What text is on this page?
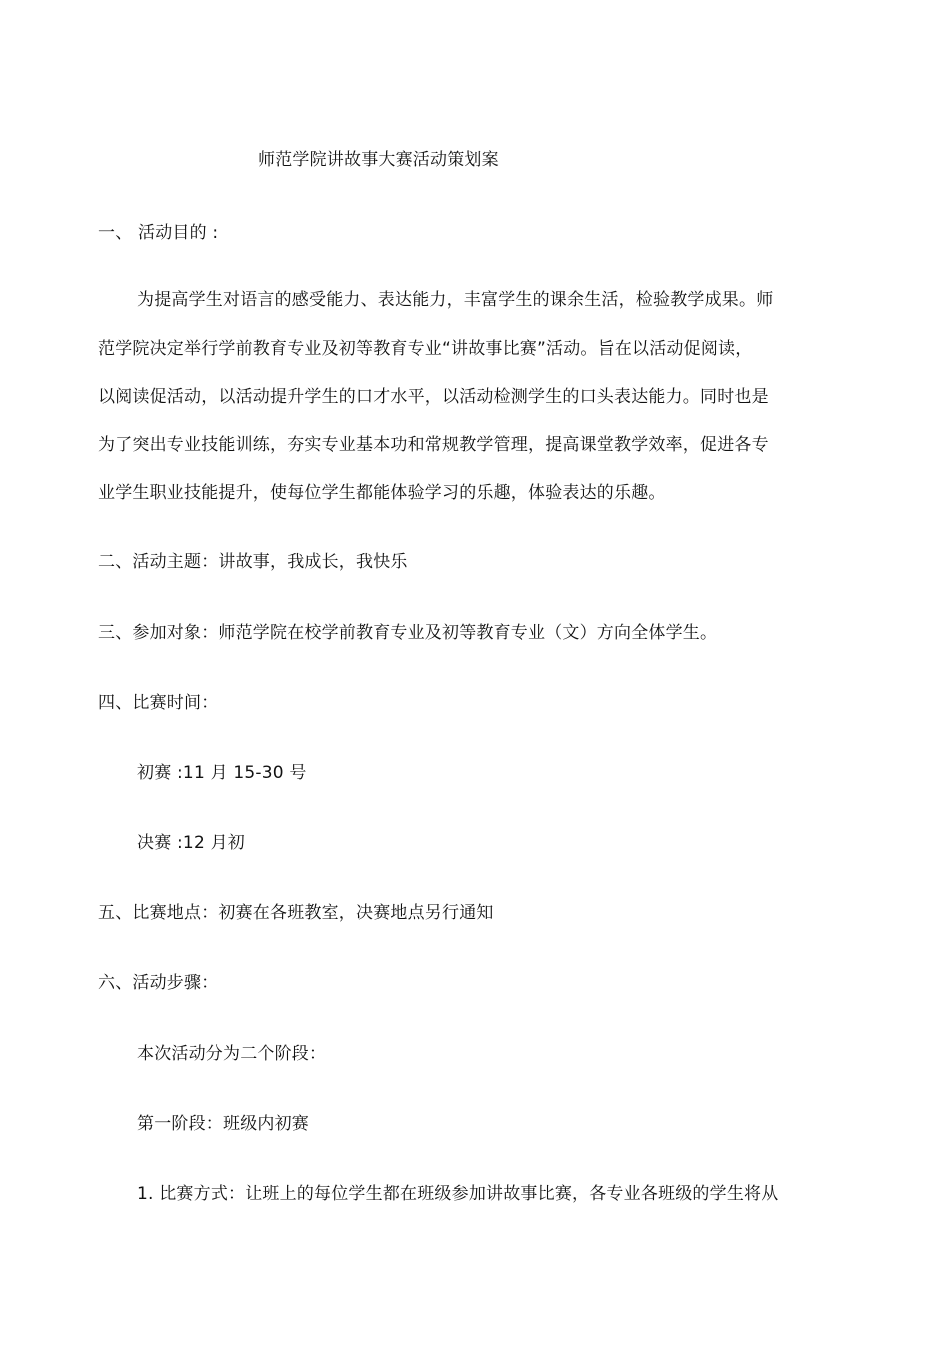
师范学院讲故事大赛活动策划案
一、 活动目的 :
为提高学生对语言的感受能力、表达能力，丰富学生的课余生活，检验教学成果。师
范学院决定举行学前教育专业及初等教育专业“讲故事比赛”活动。旨在以活动促阅读，
以阅读促活动，以活动提升学生的口才水平，以活动检测学生的口头表达能力。同时也是
为了突出专业技能训练，夯实专业基本功和常规教学管理，提高课堂教学效率，促进各专
业学生职业技能提升，使每位学生都能体验学习的乐趣，体验表达的乐趣。
二、活动主题：讲故事，我成长，我快乐
三、参加对象：师范学院在校学前教育专业及初等教育专业（文）方向全体学生。
四、比赛时间：
初赛 :11 月 15-30 号
决赛 :12 月初
五、比赛地点：初赛在各班教室，决赛地点另行通知
六、活动步骤：
本次活动分为二个阶段：
第一阶段：班级内初赛
1. 比赛方式：让班上的每位学生都在班级参加讲故事比赛，各专业各班级的学生将从
